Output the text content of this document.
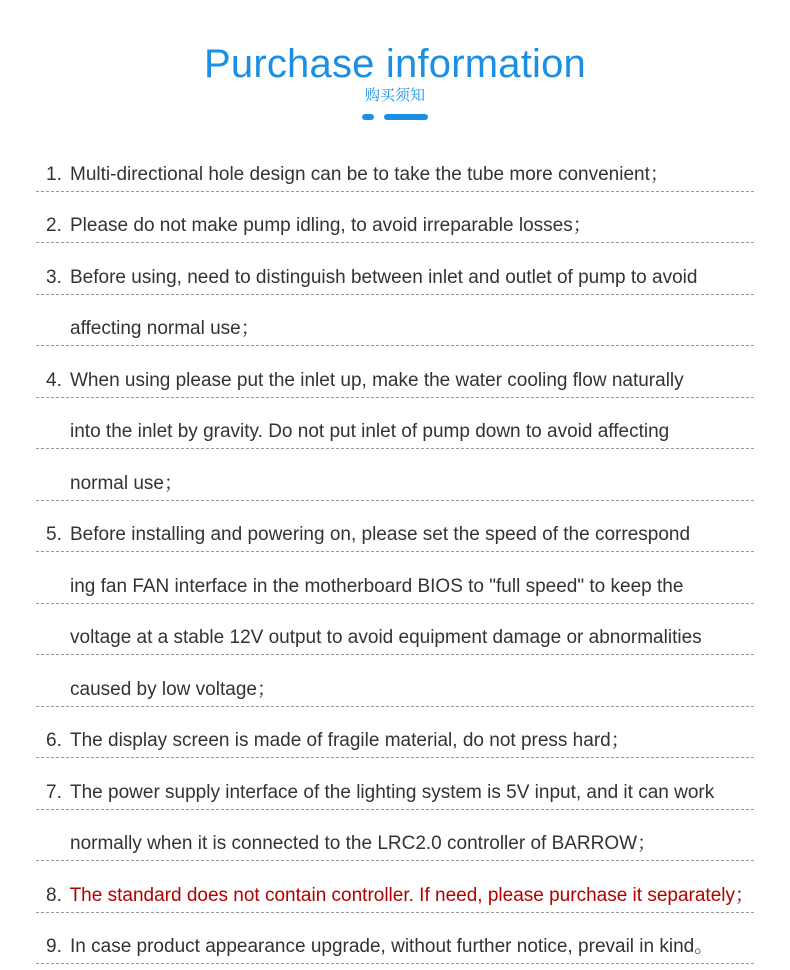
Purchase information
购买须知
1. Multi-directional hole design can be to take the tube more convenient；
2. Please do not make pump idling, to avoid irreparable losses；
3. Before using, need to distinguish between inlet and outlet of pump to avoid
affecting normal use；
4. When using please put the inlet up, make the water cooling flow naturally
into the inlet by gravity. Do not put inlet of pump down to avoid affecting
normal use；
5. Before installing and powering on, please set the speed of the correspond
ing fan FAN interface in the motherboard BIOS to "full speed" to keep the
voltage at a stable 12V output to avoid equipment damage or abnormalities
caused by low voltage；
6. The display screen is made of fragile material, do not press hard；
7. The power supply interface of the lighting system is 5V input, and it can work
normally when it is connected to the LRC2.0 controller of BARROW；
8. The standard does not contain controller. If need, please purchase it separately；
9. In case product appearance upgrade, without further notice, prevail in kind。
